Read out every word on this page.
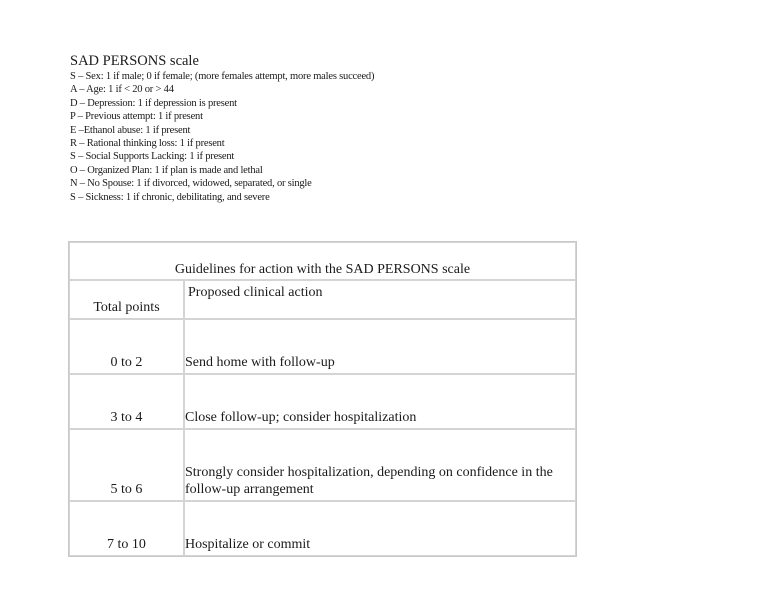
SAD PERSONS scale
S – Sex: 1 if male; 0 if female; (more females attempt, more males succeed)
A – Age: 1 if < 20 or > 44
D – Depression: 1 if depression is present
P – Previous attempt: 1 if present
E –Ethanol abuse: 1 if present
R – Rational thinking loss: 1 if present
S – Social Supports Lacking: 1 if present
O – Organized Plan: 1 if plan is made and lethal
N – No Spouse: 1 if divorced, widowed, separated, or single
S – Sickness: 1 if chronic, debilitating, and severe
Guidelines for action with the SAD PERSONS scale	
Total points	Proposed clinical action
0 to 2	Send home with follow-up
3 to 4	Close follow-up; consider hospitalization
5 to 6	Strongly consider hospitalization, depending on confidence in the follow-up arrangement
7 to 10	Hospitalize or commit
